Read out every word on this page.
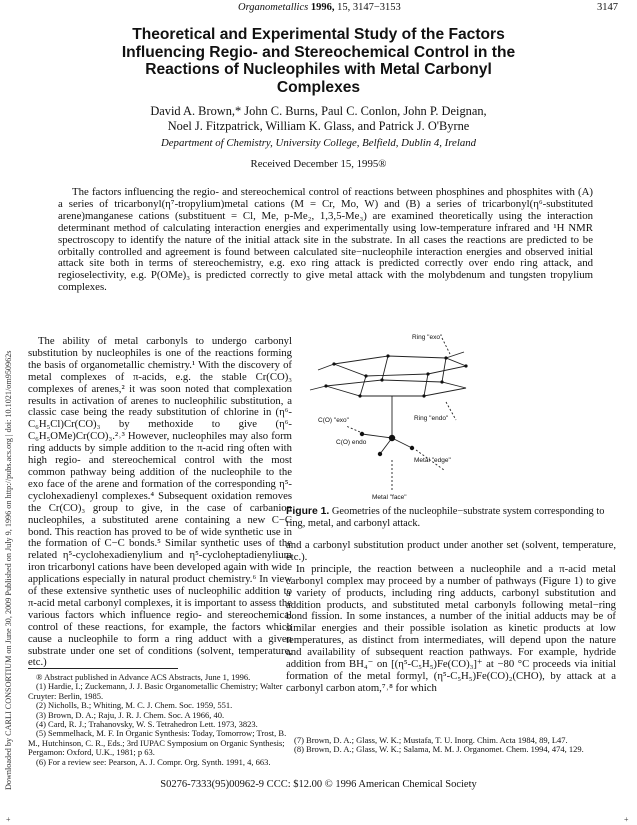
Organometallics 1996, 15, 3147−3153	3147
Theoretical and Experimental Study of the Factors
Influencing Regio- and Stereochemical Control in the
Reactions of Nucleophiles with Metal Carbonyl
Complexes
David A. Brown,* John C. Burns, Paul C. Conlon, John P. Deignan,
Noel J. Fitzpatrick, William K. Glass, and Patrick J. O'Byrne
Department of Chemistry, University College, Belfield, Dublin 4, Ireland
Received December 15, 1995®
The factors influencing the regio- and stereochemical control of reactions between phosphines and phosphites with (A) a series of tricarbonyl(η⁷-tropylium)metal cations (M = Cr, Mo, W) and (B) a series of tricarbonyl(η⁶-substituted arene)manganese cations (substituent = Cl, Me, p-Me₂, 1,3,5-Me₃) are examined theoretically using the interaction determinant method of calculating interaction energies and experimentally using low-temperature infrared and ¹H NMR spectroscopy to identify the nature of the initial attack site in the substrate. In all cases the reactions are predicted to be orbitally controlled and agreement is found between calculated site−nucleophile interaction energies and observed initial attack site both in terms of stereochemistry, e.g. exo ring attack is predicted correctly over endo ring attack, and regioselectivity, e.g. P(OMe)₃ is predicted correctly to give metal attack with the molybdenum and tungsten tropylium complexes.
Downloaded by CARLI CONSORTIUM on June 30, 2009 Published on July 9, 1996 on http://pubs.acs.org | doi: 10.1021/om950962s

The ability of metal carbonyls to undergo carbonyl substitution by nucleophiles is one of the reactions forming the basis of organometallic chemistry.¹ With the discovery of metal complexes of π-acids, e.g. the stable Cr(CO)₃ complexes of arenes,² it was soon noted that complexation results in activation of arenes to nucleophilic substitution, a classic case being the ready substitution of chlorine in (η⁶-C₆H₅Cl)Cr(CO)₃ by methoxide to give (η⁶-C₆H₅OMe)Cr(CO)₃.²˒³ However, nucleophiles may also form ring adducts by simple addition to the π-acid ring often with high regio- and stereochemical control with the most common pathway being addition of the nucleophile to the exo face of the arene and formation of the corresponding η⁵-cyclohexadienyl complexes.⁴ Subsequent oxidation removes the Cr(CO)₃ group to give, in the case of carbanion nucleophiles, a substituted arene containing a new C−C bond. This reaction has proved to be of wide synthetic use in the formation of C−C bonds.⁵ Similar synthetic uses of the related η⁵-cyclohexadienylium and η⁵-cycloheptadienylium iron tricarbonyl cations have been developed again with wide applications especially in natural product chemistry.⁶ In view of these extensive synthetic uses of nucleophilic addition to π-acid metal carbonyl complexes, it is important to assess the various factors which influence regio- and stereochemical control of these reactions, for example, the factors which cause a nucleophile to form a ring adduct with a given substrate under one set of conditions (solvent, temperature, etc.)

Ring "exo"
Ring "endo"
C(O) "exo"
C(O) endo
Metal "edge"
Metal "face"
Figure 1. Geometries of the nucleophile−substrate system corresponding to ring, metal, and carbonyl attack.

and a carbonyl substitution product under another set (solvent, temperature, etc.).

In principle, the reaction between a nucleophile and a π-acid metal carbonyl complex may proceed by a number of pathways (Figure 1) to give a variety of products, including ring adducts, carbonyl substitution and addition products, and substituted metal carbonyls following metal−ring bond fission. In some instances, a number of the initial adducts may be of similar energies and their possible isolation as kinetic products at low temperatures, as distinct from intermediates, will depend upon the nature and availability of subsequent reaction pathways. For example, hydride addition from BH₄⁻ on [(η⁵-C₅H₅)Fe(CO)₃]⁺ at −80 °C proceeds via initial formation of the metal formyl, (η⁵-C₅H₅)Fe(CO)₂(CHO), by attack at a carbonyl carbon atom,⁷˒⁸ for which

® Abstract published in Advance ACS Abstracts, June 1, 1996.
(1) Hardie, I.; Zuckemann, J. J. Basic Organometallic Chemistry; Walter Cruyter: Berlin, 1985.
(2) Nicholls, B.; Whiting, M. C. J. Chem. Soc. 1959, 551.
(3) Brown, D. A.; Raju, J. R. J. Chem. Soc. A 1966, 40.
(4) Card, R. J.; Trahanovsky, W. S. Tetrahedron Lett. 1973, 3823.
(5) Semmelhack, M. F. In Organic Synthesis: Today, Tomorrow; Trost, B. M., Hutchinson, C. R., Eds.; 3rd IUPAC Symposium on Organic Synthesis; Pergamon: Oxford, U.K., 1981; p 63.
(6) For a review see: Pearson, A. J. Compr. Org. Synth. 1991, 4, 663.
(7) Brown, D. A.; Glass, W. K.; Mustafa, T. U. Inorg. Chim. Acta 1984, 89, L47.
(8) Brown, D. A.; Glass, W. K.; Salama, M. M. J. Organomet. Chem. 1994, 474, 129.
S0276-7333(95)00962-9 CCC: $12.00 © 1996 American Chemical Society
+	+
